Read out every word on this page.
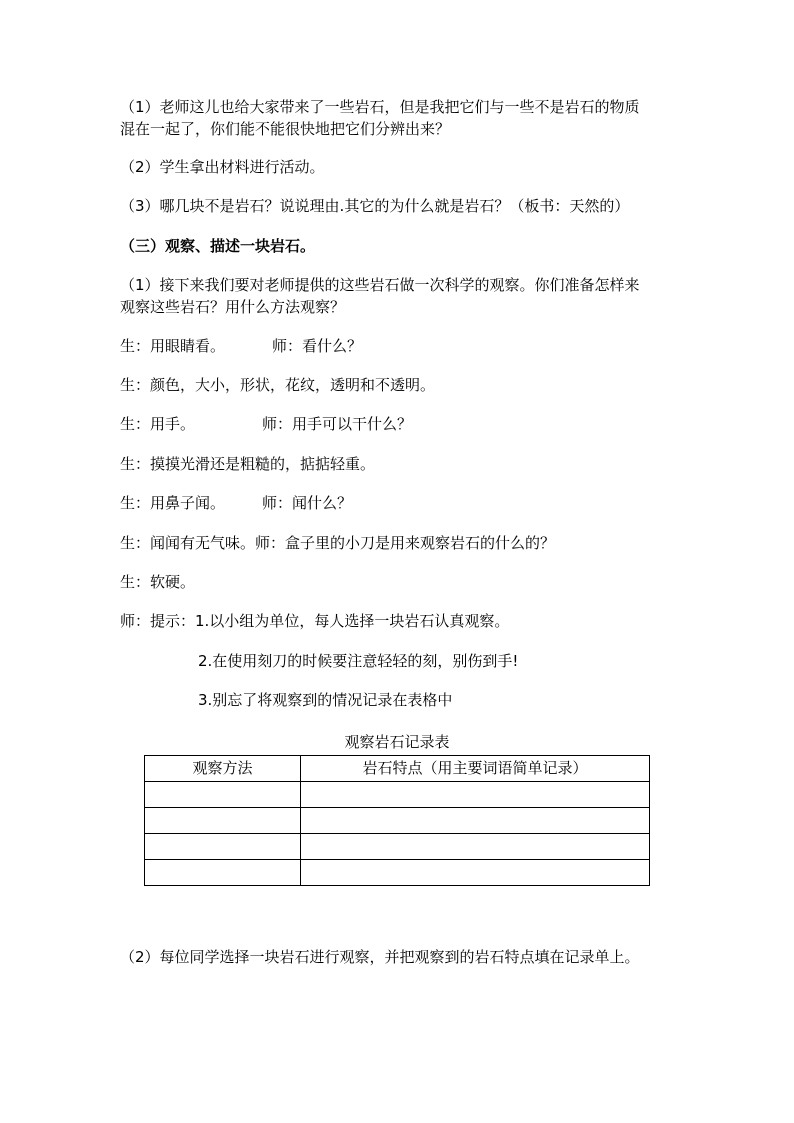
（1）老师这儿也给大家带来了一些岩石，但是我把它们与一些不是岩石的物质
混在一起了，你们能不能很快地把它们分辨出来？
（2）学生拿出材料进行活动。
（3）哪几块不是岩石？说说理由.其它的为什么就是岩石？（板书：天然的）
（三）观察、描述一块岩石。
（1）接下来我们要对老师提供的这些岩石做一次科学的观察。你们准备怎样来
观察这些岩石？用什么方法观察？
生：用眼睛看。	师：看什么？
生：颜色，大小，形状，花纹，透明和不透明。
生：用手。	师：用手可以干什么？
生：摸摸光滑还是粗糙的，掂掂轻重。
生：用鼻子闻。 师：闻什么？
生：闻闻有无气味。师：盒子里的小刀是用来观察岩石的什么的？
生：软硬。
师：提示：1.以小组为单位，每人选择一块岩石认真观察。
2.在使用刻刀的时候要注意轻轻的刻，别伤到手!
3.别忘了将观察到的情况记录在表格中
观察岩石记录表
观察方法	岩石特点（用主要词语简单记录）

（2）每位同学选择一块岩石进行观察，并把观察到的岩石特点填在记录单上。
